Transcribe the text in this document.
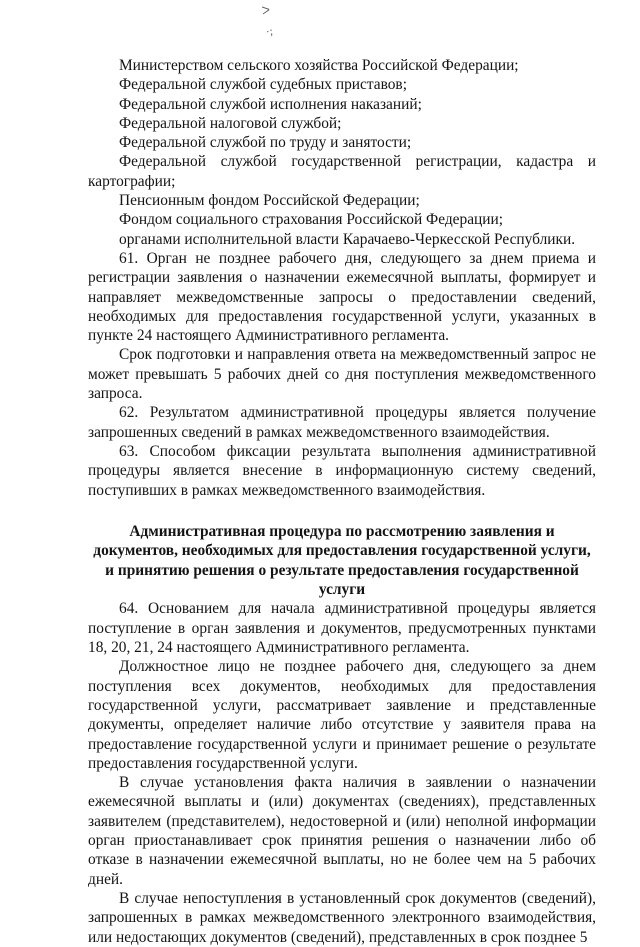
ᐳ
·;

Министерством сельского хозяйства Российской Федерации;

Федеральной службой судебных приставов;

Федеральной службой исполнения наказаний;

Федеральной налоговой службой;

Федеральной службой по труду и занятости;

Федеральной службой государственной регистрации, кадастра и картографии;

Пенсионным фондом Российской Федерации;

Фондом социального страхования Российской Федерации;

органами исполнительной власти Карачаево-Черкесской Республики.

61. Орган не позднее рабочего дня, следующего за днем приема и регистрации заявления о назначении ежемесячной выплаты, формирует и направляет межведомственные запросы о предоставлении сведений, необходимых для предоставления государственной услуги, указанных в пункте 24 настоящего Административного регламента.

Срок подготовки и направления ответа на межведомственный запрос не может превышать 5 рабочих дней со дня поступления межведомственного запроса.

62. Результатом административной процедуры является получение запрошенных сведений в рамках межведомственного взаимодействия.

63. Способом фиксации результата выполнения административной процедуры является внесение в информационную систему сведений, поступивших в рамках межведомственного взаимодействия.

Административная процедура по рассмотрению заявления и документов, необходимых для предоставления государственной услуги, и принятию решения о результате предоставления государственной услуги

64. Основанием для начала административной процедуры является поступление в орган заявления и документов, предусмотренных пунктами 18, 20, 21, 24 настоящего Административного регламента.

Должностное лицо не позднее рабочего дня, следующего за днем поступления всех документов, необходимых для предоставления государственной услуги, рассматривает заявление и представленные документы, определяет наличие либо отсутствие у заявителя права на предоставление государственной услуги и принимает решение о результате предоставления государственной услуги.

В случае установления факта наличия в заявлении о назначении ежемесячной выплаты и (или) документах (сведениях), представленных заявителем (представителем), недостоверной и (или) неполной информации орган приостанавливает срок принятия решения о назначении либо об отказе в назначении ежемесячной выплаты, но не более чем на 5 рабочих дней.

В случае непоступления в установленный срок документов (сведений), запрошенных в рамках межведомственного электронного взаимодействия, или недостающих документов (сведений), представленных в срок позднее 5
